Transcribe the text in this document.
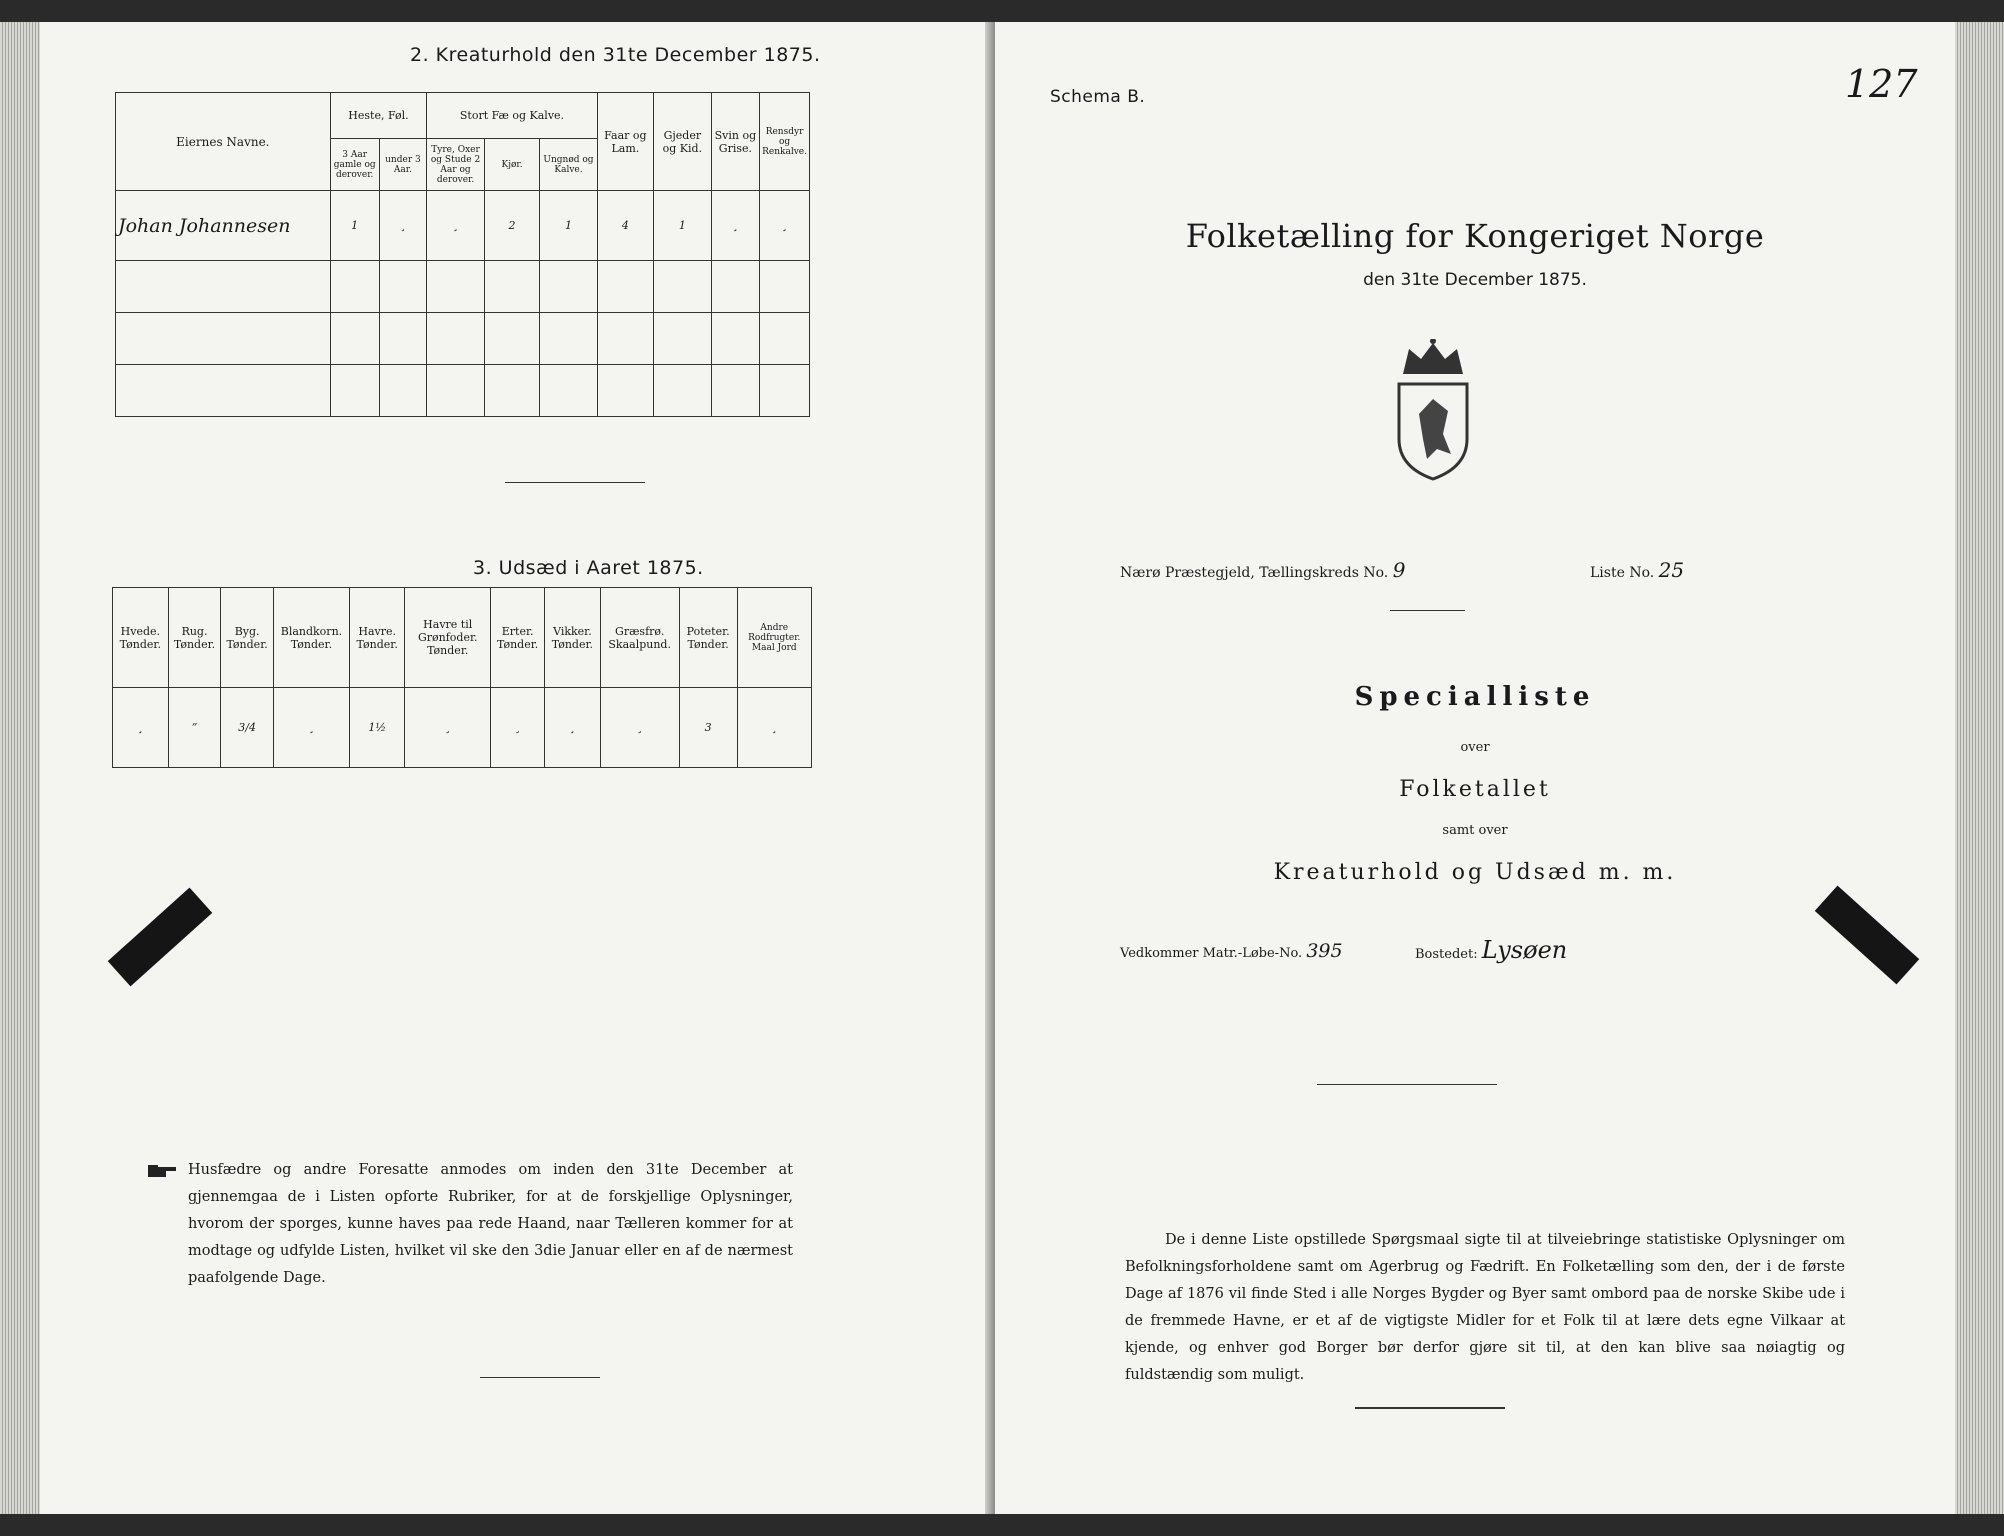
2. Kreaturhold den 31te December 1875.
Eiernes Navne.	Heste, Føl.		Stort Fæ og Kalve.			Faar og Lam.	Gjeder og Kid.	Svin og Grise.	Rensdyr og Renkalve.
	3 Aar gamle og derover.	under 3 Aar.	Tyre, Oxer og Stude 2 Aar og derover.	Kjør.	Ungnød og Kalve.				
Johan Johannesen	1	¸	¸	2	1	4	1	¸	¸

3. Udsæd i Aaret 1875.
Hvede. Tønder.	Rug. Tønder.	Byg. Tønder.	Blandkorn. Tønder.	Havre. Tønder.	Havre til Grønfoder. Tønder.	Erter. Tønder.	Vikker. Tønder.	Græsfrø. Skaalpund.	Poteter. Tønder.	Andre Rodfrugter. Maal Jord
¸	”	3/4	¸	1½	¸	¸	¸	¸	3	¸
Husfædre og andre Foresatte anmodes om inden den 31te December at gjennemgaa de i Listen opforte Rubriker, for at de forskjellige Oplysninger, hvorom der sporges, kunne haves paa rede Haand, naar Tælleren kommer for at modtage og udfylde Listen, hvilket vil ske den 3die Januar eller en af de nærmest paafolgende Dage.
Schema B.	127
Folketælling for Kongeriget Norge
den 31te December 1875.
Nærø Præstegjeld, Tællingskreds No. 9	Liste No. 25
Specialliste
over
Folketallet
samt over
Kreaturhold og Udsæd m. m.
Vedkommer Matr.-Løbe-No. 395	Bostedet: Lysøen
De i denne Liste opstillede Spørgsmaal sigte til at tilveiebringe statistiske Oplysninger om Befolkningsforholdene samt om Agerbrug og Fædrift. En Folketælling som den, der i de første Dage af 1876 vil finde Sted i alle Norges Bygder og Byer samt ombord paa de norske Skibe ude i de fremmede Havne, er et af de vigtigste Midler for et Folk til at lære dets egne Vilkaar at kjende, og enhver god Borger bør derfor gjøre sit til, at den kan blive saa nøiagtig og fuldstændig som muligt.
